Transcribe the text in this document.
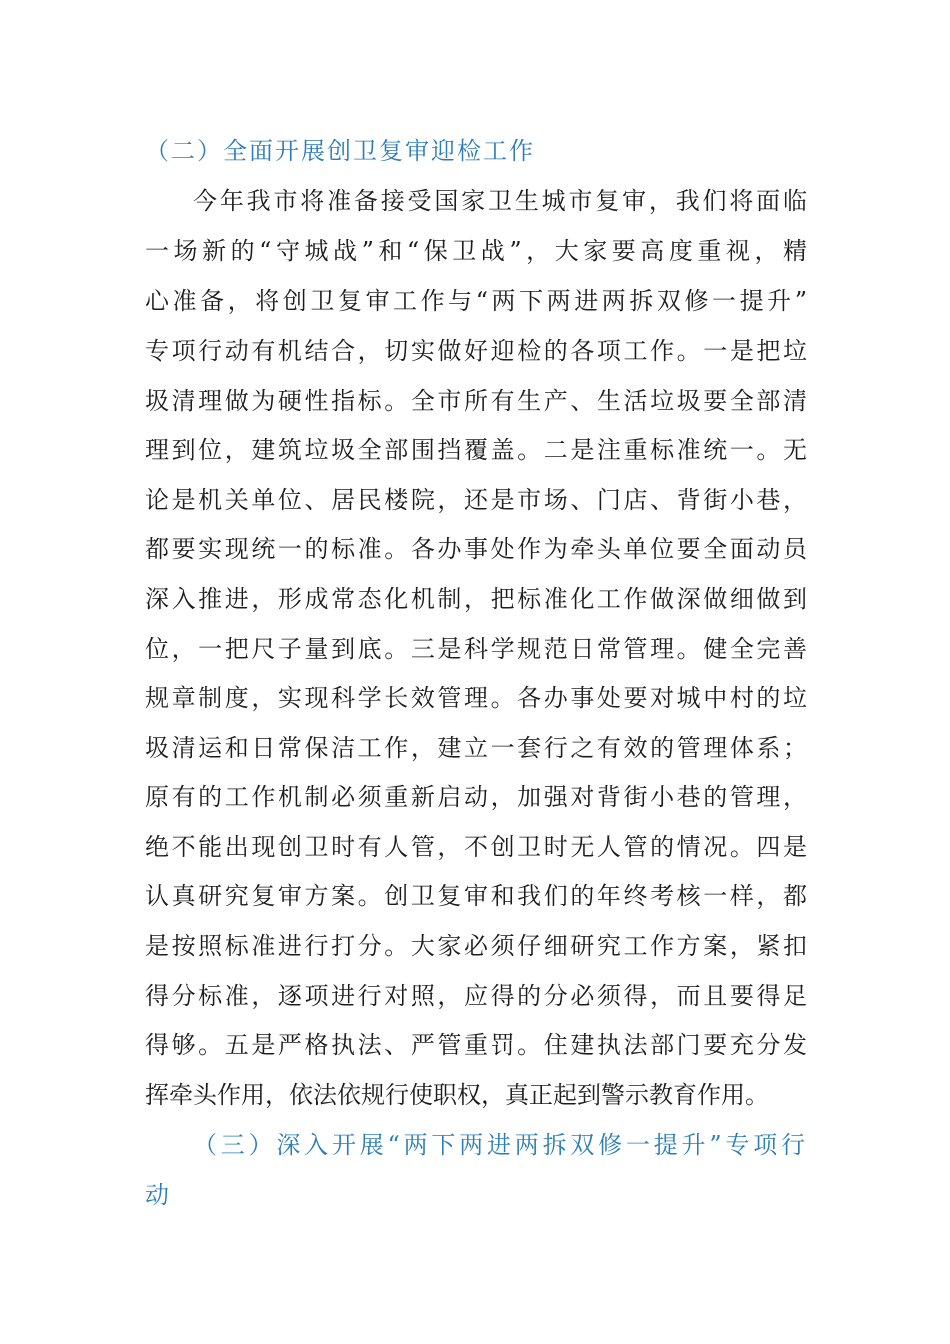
（二）全面开展创卫复审迎检工作
今年我市将准备接受国家卫生城市复审，我们将面临
一场新的“守城战”和“保卫战”，大家要高度重视，精
心准备，将创卫复审工作与“两下两进两拆双修一提升”
专项行动有机结合，切实做好迎检的各项工作。一是把垃
圾清理做为硬性指标。全市所有生产、生活垃圾要全部清
理到位，建筑垃圾全部围挡覆盖。二是注重标准统一。无
论是机关单位、居民楼院，还是市场、门店、背街小巷，
都要实现统一的标准。各办事处作为牵头单位要全面动员
深入推进，形成常态化机制，把标准化工作做深做细做到
位，一把尺子量到底。三是科学规范日常管理。健全完善
规章制度，实现科学长效管理。各办事处要对城中村的垃
圾清运和日常保洁工作，建立一套行之有效的管理体系；
原有的工作机制必须重新启动，加强对背街小巷的管理，
绝不能出现创卫时有人管，不创卫时无人管的情况。四是
认真研究复审方案。创卫复审和我们的年终考核一样，都
是按照标准进行打分。大家必须仔细研究工作方案，紧扣
得分标准，逐项进行对照，应得的分必须得，而且要得足
得够。五是严格执法、严管重罚。住建执法部门要充分发
挥牵头作用，依法依规行使职权，真正起到警示教育作用。
（三）深入开展“两下两进两拆双修一提升”专项行
动
